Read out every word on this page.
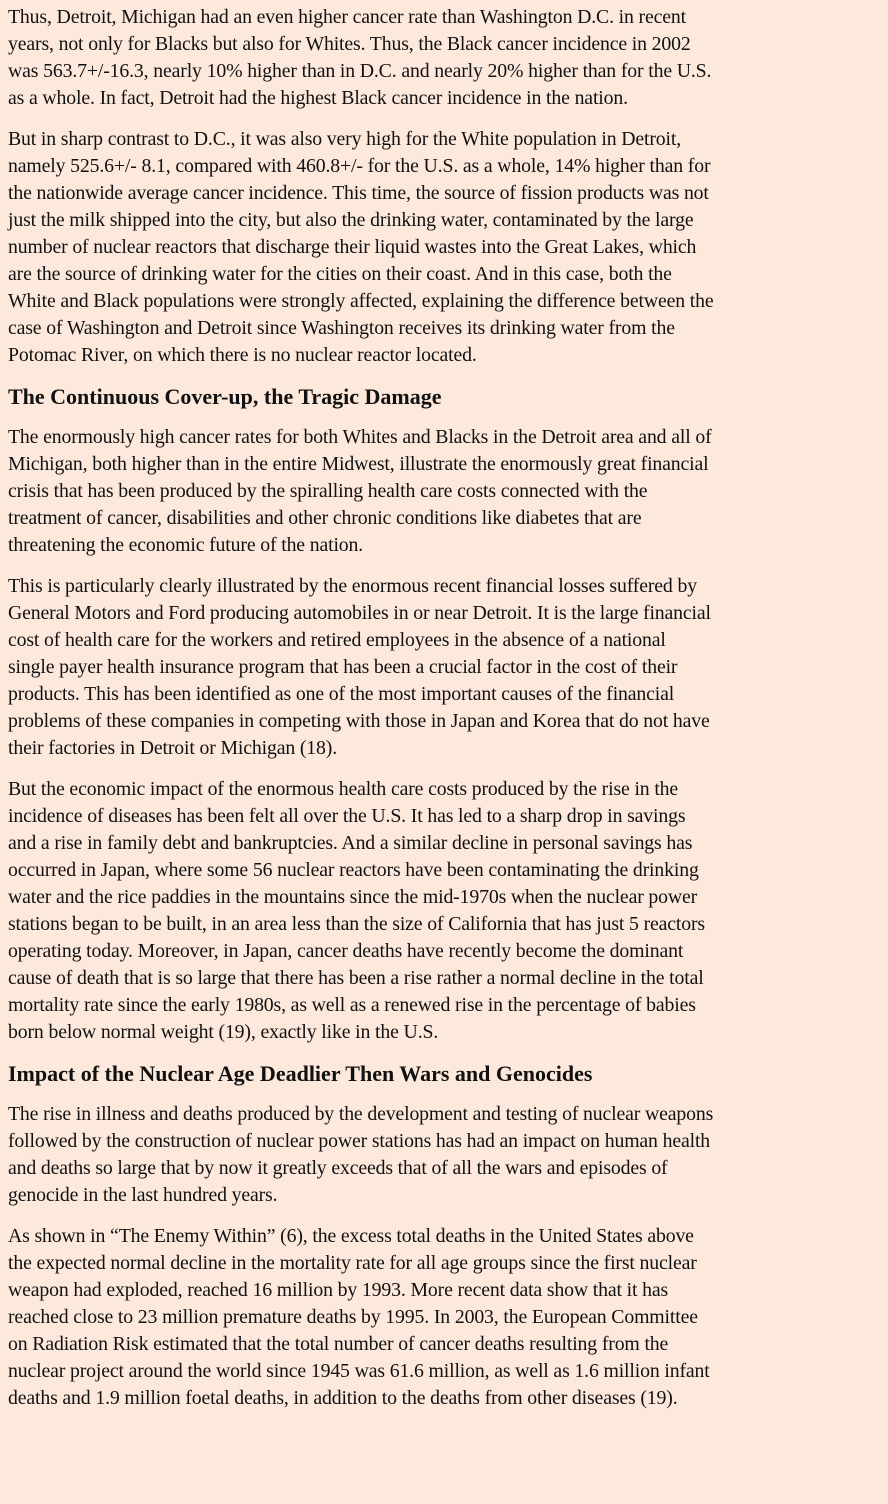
Thus, Detroit, Michigan had an even higher cancer rate than Washington D.C. in recent
years, not only for Blacks but also for Whites. Thus, the Black cancer incidence in 2002
was 563.7+/-16.3, nearly 10% higher than in D.C. and nearly 20% higher than for the U.S.
as a whole. In fact, Detroit had the highest Black cancer incidence in the nation.

But in sharp contrast to D.C., it was also very high for the White population in Detroit,
namely 525.6+/- 8.1, compared with 460.8+/- for the U.S. as a whole, 14% higher than for
the nationwide average cancer incidence. This time, the source of fission products was not
just the milk shipped into the city, but also the drinking water, contaminated by the large
number of nuclear reactors that discharge their liquid wastes into the Great Lakes, which
are the source of drinking water for the cities on their coast. And in this case, both the
White and Black populations were strongly affected, explaining the difference between the
case of Washington and Detroit since Washington receives its drinking water from the
Potomac River, on which there is no nuclear reactor located.

The Continuous Cover-up, the Tragic Damage

The enormously high cancer rates for both Whites and Blacks in the Detroit area and all of
Michigan, both higher than in the entire Midwest, illustrate the enormously great financial
crisis that has been produced by the spiralling health care costs connected with the
treatment of cancer, disabilities and other chronic conditions like diabetes that are
threatening the economic future of the nation.

This is particularly clearly illustrated by the enormous recent financial losses suffered by
General Motors and Ford producing automobiles in or near Detroit. It is the large financial
cost of health care for the workers and retired employees in the absence of a national
single payer health insurance program that has been a crucial factor in the cost of their
products. This has been identified as one of the most important causes of the financial
problems of these companies in competing with those in Japan and Korea that do not have
their factories in Detroit or Michigan (18).

But the economic impact of the enormous health care costs produced by the rise in the
incidence of diseases has been felt all over the U.S. It has led to a sharp drop in savings
and a rise in family debt and bankruptcies. And a similar decline in personal savings has
occurred in Japan, where some 56 nuclear reactors have been contaminating the drinking
water and the rice paddies in the mountains since the mid-1970s when the nuclear power
stations began to be built, in an area less than the size of California that has just 5 reactors
operating today. Moreover, in Japan, cancer deaths have recently become the dominant
cause of death that is so large that there has been a rise rather a normal decline in the total
mortality rate since the early 1980s, as well as a renewed rise in the percentage of babies
born below normal weight (19), exactly like in the U.S.

Impact of the Nuclear Age Deadlier Then Wars and Genocides

The rise in illness and deaths produced by the development and testing of nuclear weapons
followed by the construction of nuclear power stations has had an impact on human health
and deaths so large that by now it greatly exceeds that of all the wars and episodes of
genocide in the last hundred years.

As shown in “The Enemy Within” (6), the excess total deaths in the United States above
the expected normal decline in the mortality rate for all age groups since the first nuclear
weapon had exploded, reached 16 million by 1993. More recent data show that it has
reached close to 23 million premature deaths by 1995. In 2003, the European Committee
on Radiation Risk estimated that the total number of cancer deaths resulting from the
nuclear project around the world since 1945 was 61.6 million, as well as 1.6 million infant
deaths and 1.9 million foetal deaths, in addition to the deaths from other diseases (19).
